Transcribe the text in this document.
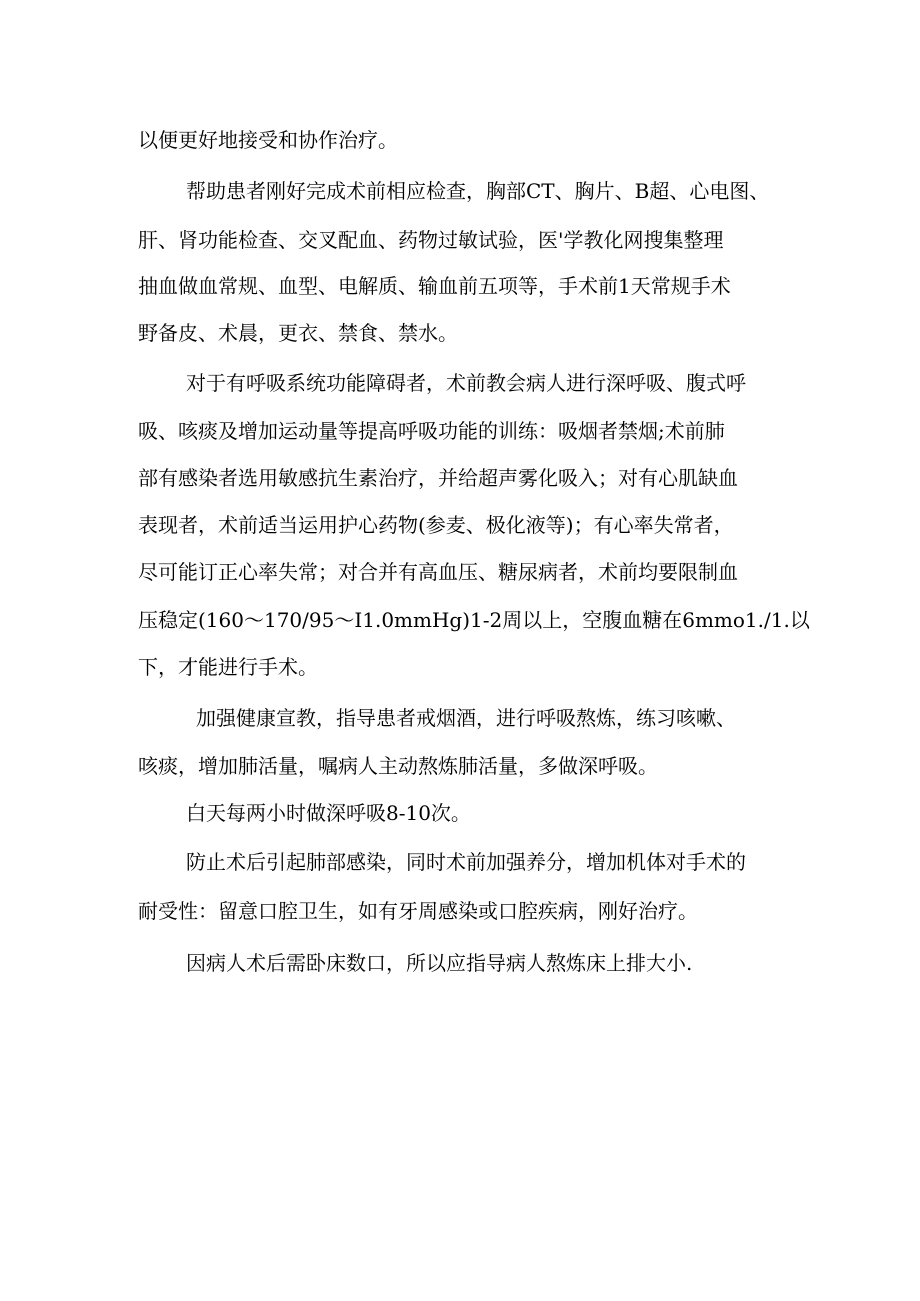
以便更好地接受和协作治疗。
帮助患者刚好完成术前相应检查，胸部CT、胸片、B超、心电图、
肝、肾功能检查、交叉配血、药物过敏试验，医'学教化网搜集整理
抽血做血常规、血型、电解质、输血前五项等，手术前1天常规手术
野备皮、术晨，更衣、禁食、禁水。
对于有呼吸系统功能障碍者，术前教会病人进行深呼吸、腹式呼
吸、咳痰及增加运动量等提高呼吸功能的训练：吸烟者禁烟;术前肺
部有感染者选用敏感抗生素治疗，并给超声雾化吸入；对有心肌缺血
表现者，术前适当运用护心药物(参麦、极化液等)；有心率失常者，
尽可能订正心率失常；对合并有高血压、糖尿病者，术前均要限制血
压稳定(160～170/95～I1.0mmHg)1-2周以上，空腹血糖在6mmo1./1.以
下，才能进行手术。
加强健康宣教，指导患者戒烟酒，进行呼吸熬炼，练习咳嗽、
咳痰，增加肺活量，嘱病人主动熬炼肺活量，多做深呼吸。
白天每两小时做深呼吸8-10次。
防止术后引起肺部感染，同时术前加强养分，增加机体对手术的
耐受性：留意口腔卫生，如有牙周感染或口腔疾病，刚好治疗。
因病人术后需卧床数口，所以应指导病人熬炼床上排大小.
